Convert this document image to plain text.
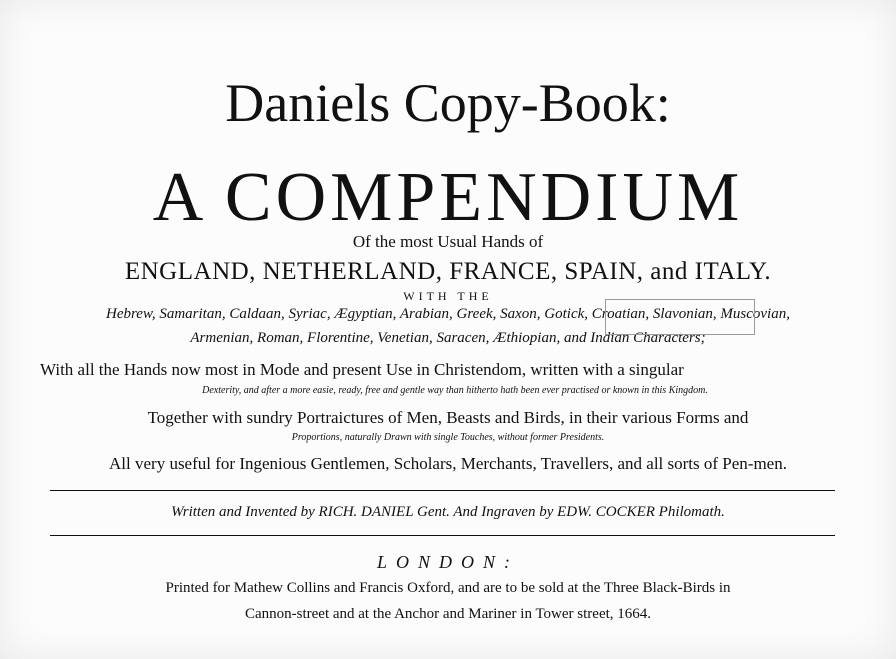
Daniels Copy-Book:
A COMPENDIUM
Of the most Usual Hands of
ENGLAND, NETHERLAND, FRANCE, SPAIN, and ITALY.
WITH THE
Hebrew, Samaritan, Caldaan, Syriac, Ægyptian, Arabian, Greek, Saxon, Gotick, Croatian, Slavonian, Muscovian,
Armenian, Roman, Florentine, Venetian, Saracen, Æthiopian, and Indian Characters;
With all the Hands now most in Mode and present Use in Christendom, written with a singular
Dexterity, and after a more easie, ready, free and gentle way than hitherto hath been ever practised or known in this Kingdom.
Together with sundry Portraictures of Men, Beasts and Birds, in their various Forms and
Proportions, naturally Drawn with single Touches, without former Presidents.
All very useful for Ingenious Gentlemen, Scholars, Merchants, Travellers, and all sorts of Pen-men.
Written and Invented by RICH. DANIEL Gent. And Ingraven by EDW. COCKER Philomath.
LONDON:
Printed for Mathew Collins and Francis Oxford, and are to be sold at the Three Black-Birds in
Cannon-street and at the Anchor and Mariner in Tower street, 1664.
